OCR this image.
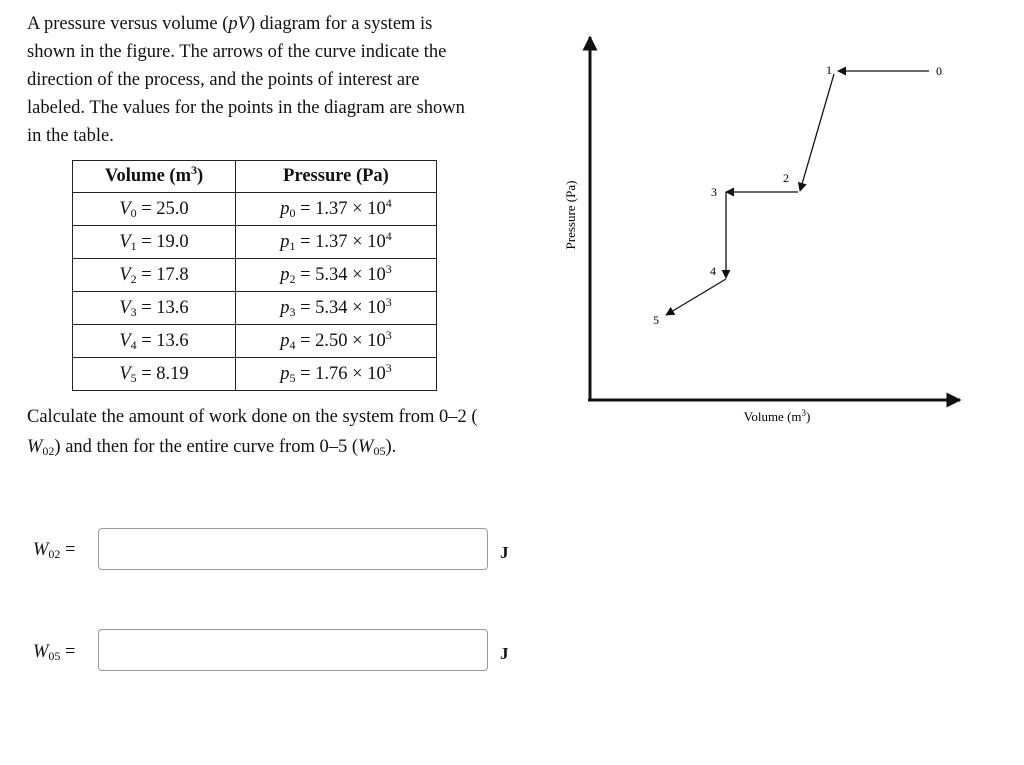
A pressure versus volume (pV) diagram for a system is
shown in the figure. The arrows of the curve indicate the
direction of the process, and the points of interest are
labeled. The values for the points in the diagram are shown
in the table.
Volume $(m^3)$	Pressure (Pa)
$V_0 = 25.0$	$p_0 = 1.37 \times 10^4$
$V_1 = 19.0$	$p_1 = 1.37 \times 10^4$
$V_2 = 17.8$	$p_2 = 5.34 \times 10^3$
$V_3 = 13.6$	$p_3 = 5.34 \times 10^3$
$V_4 = 13.6$	$p_4 = 2.50 \times 10^3$
$V_5 = 8.19$	$p_5 = 1.76 \times 10^3$
Calculate the amount of work done on the system from 0–2 (
$W_{02}$) and then for the entire curve from 0–5 $(W_{05})$.
$W_{02}$ =	J
$W_{05}$ =	J
Pressure (Pa)
Volume $(m^3)$
0
1
2
3
4
5
